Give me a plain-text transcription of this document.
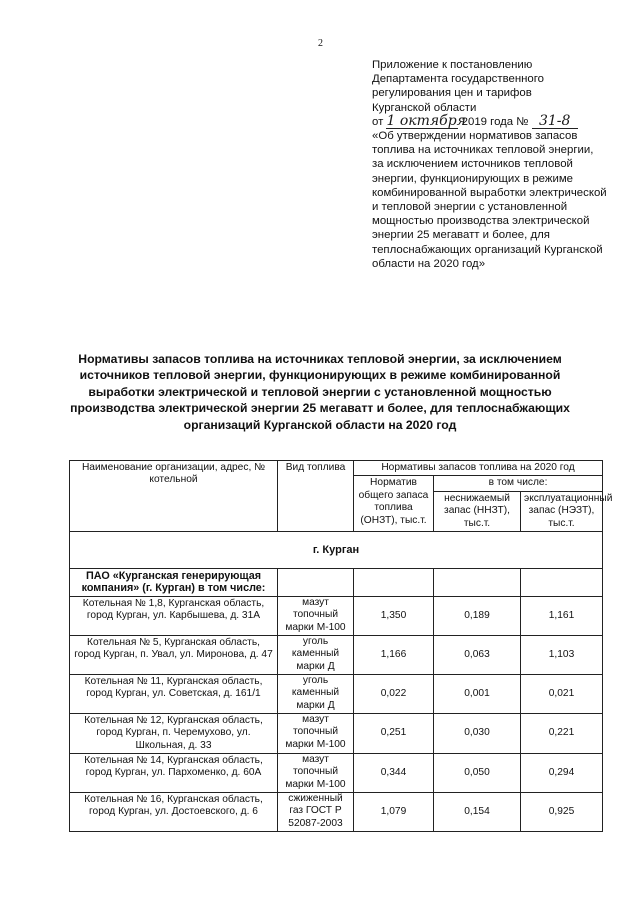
2
Приложение к постановлению
Департамента государственного
регулирования цен и тарифов
Курганской области
от 1 октября 2019 года № 31-8
«Об утверждении нормативов запасов топлива на источниках тепловой энергии, за исключением источников тепловой энергии, функционирующих в режиме комбинированной выработки электрической и тепловой энергии с установленной мощностью производства электрической энергии 25 мегаватт и более, для теплоснабжающих организаций Курганской области на 2020 год»
Нормативы запасов топлива на источниках тепловой энергии, за исключением источников тепловой энергии, функционирующих в режиме комбинированной выработки электрической и тепловой энергии с установленной мощностью производства электрической энергии 25 мегаватт и более, для теплоснабжающих организаций Курганской области на 2020 год
Наименование организации, адрес, № котельной	Вид топлива	Нормативы запасов топлива на 2020 год		
		Норматив общего запаса топлива (ОНЗТ), тыс.т.	в том числе:	
			неснижаемый запас (ННЗТ), тыс.т.	эксплуатационный запас (НЭЗТ), тыс.т.
г. Курган				
ПАО «Курганская генерирующая компания» (г. Курган) в том числе:				
Котельная № 1,8, Курганская область, город Курган, ул. Карбышева, д. 31А	мазут топочный марки М-100	1,350	0,189	1,161
Котельная № 5, Курганская область, город Курган, п. Увал, ул. Миронова, д. 47	уголь каменный марки Д	1,166	0,063	1,103
Котельная № 11, Курганская область, город Курган, ул. Советская, д. 161/1	уголь каменный марки Д	0,022	0,001	0,021
Котельная № 12, Курганская область, город Курган, п. Черемухово, ул. Школьная, д. 33	мазут топочный марки М-100	0,251	0,030	0,221
Котельная № 14, Курганская область, город Курган, ул. Пархоменко, д. 60А	мазут топочный марки М-100	0,344	0,050	0,294
Котельная № 16, Курганская область, город Курган, ул. Достоевского, д. 6	сжиженный газ ГОСТ Р 52087-2003	1,079	0,154	0,925
